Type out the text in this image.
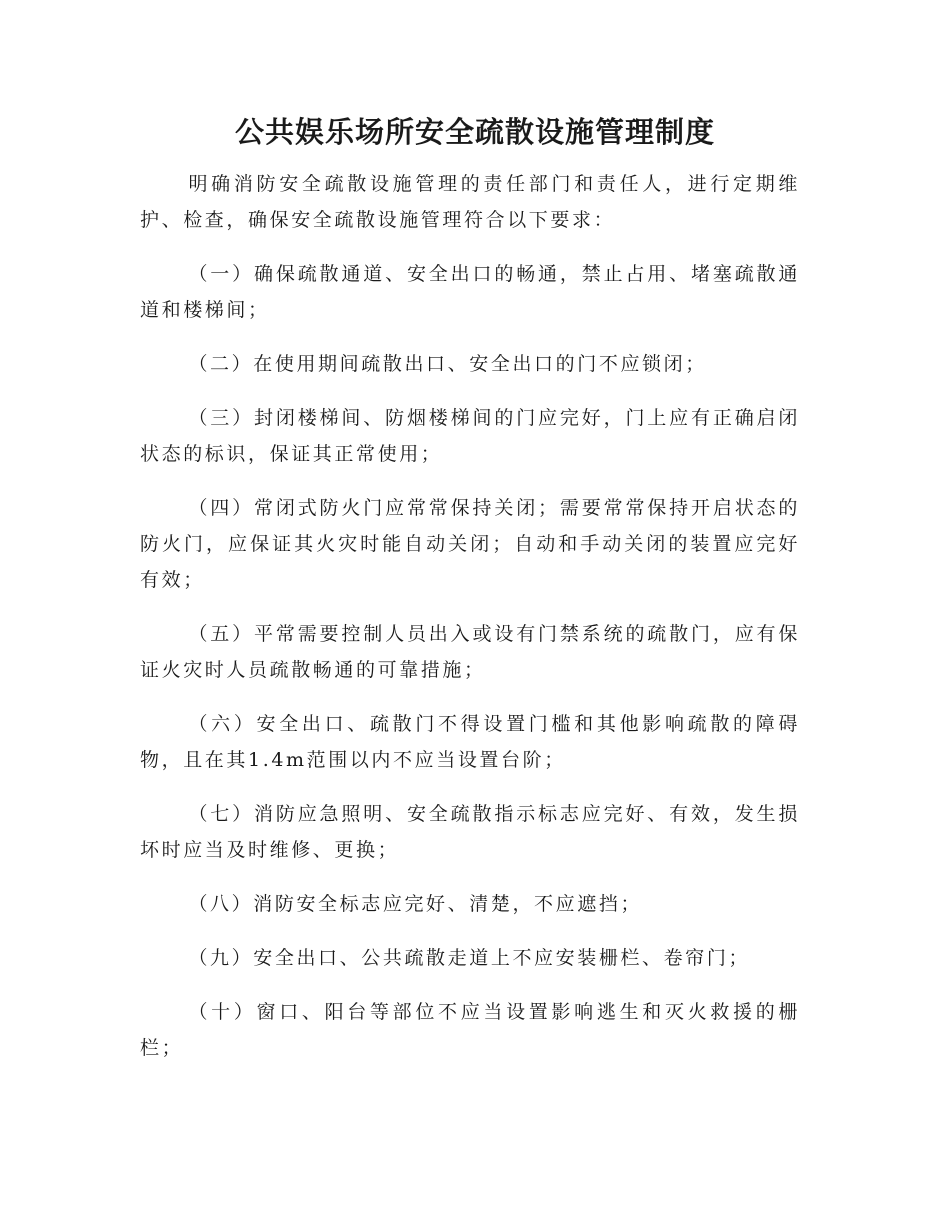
公共娱乐场所安全疏散设施管理制度

明确消防安全疏散设施管理的责任部门和责任人，进行定期维护、检查，确保安全疏散设施管理符合以下要求：

（一）确保疏散通道、安全出口的畅通，禁止占用、堵塞疏散通道和楼梯间；

（二）在使用期间疏散出口、安全出口的门不应锁闭；

（三）封闭楼梯间、防烟楼梯间的门应完好，门上应有正确启闭状态的标识，保证其正常使用；

（四）常闭式防火门应常常保持关闭；需要常常保持开启状态的防火门，应保证其火灾时能自动关闭；自动和手动关闭的装置应完好有效；

（五）平常需要控制人员出入或设有门禁系统的疏散门，应有保证火灾时人员疏散畅通的可靠措施；

（六）安全出口、疏散门不得设置门槛和其他影响疏散的障碍物，且在其1.4m范围以内不应当设置台阶；

（七）消防应急照明、安全疏散指示标志应完好、有效，发生损坏时应当及时维修、更换；

（八）消防安全标志应完好、清楚，不应遮挡；

（九）安全出口、公共疏散走道上不应安装栅栏、卷帘门；

（十）窗口、阳台等部位不应当设置影响逃生和灭火救援的栅栏；
